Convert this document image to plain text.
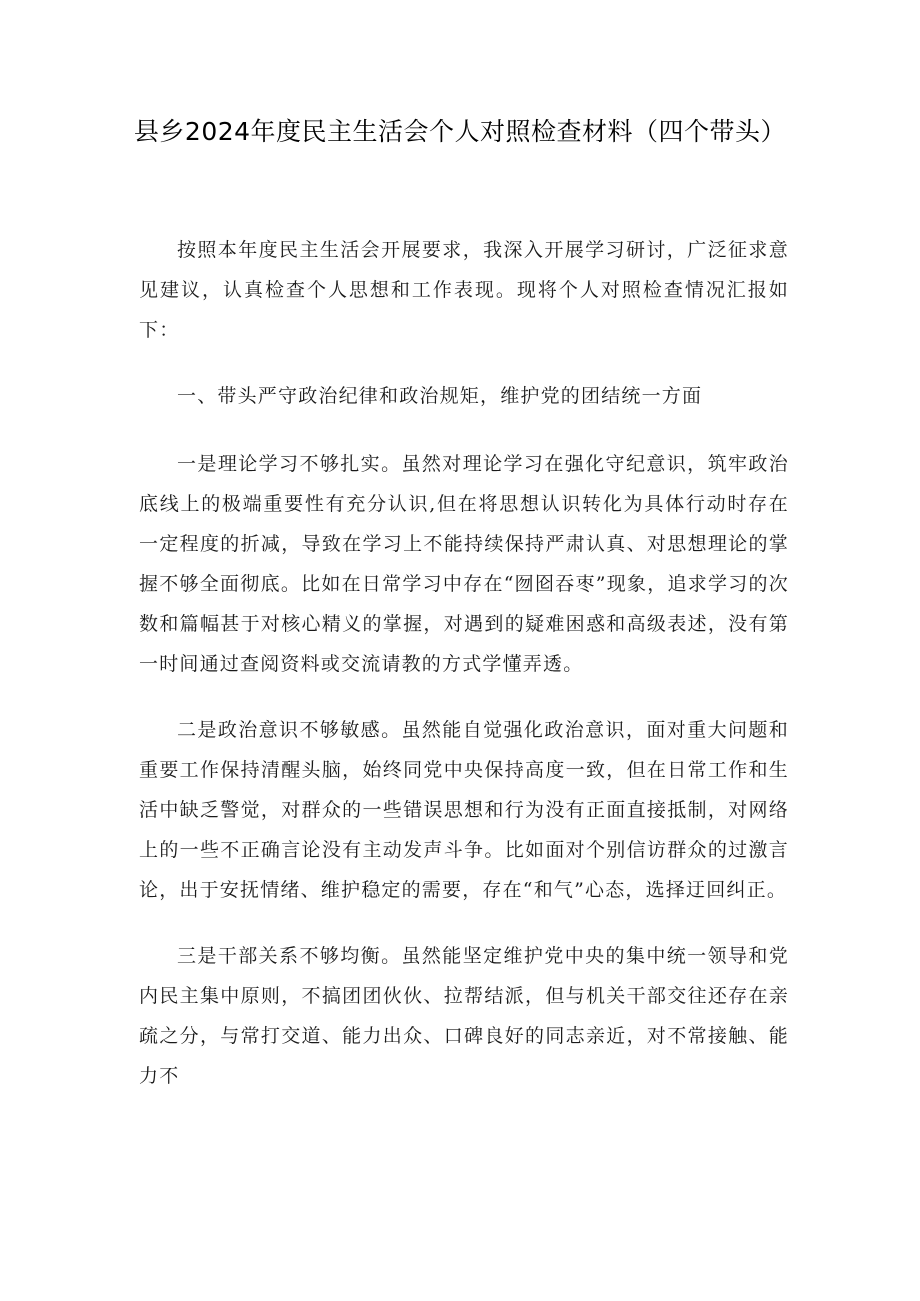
县乡2024年度民主生活会个人对照检查材料（四个带头）

按照本年度民主生活会开展要求，我深入开展学习研讨，广泛征求意见建议，认真检查个人思想和工作表现。现将个人对照检查情况汇报如下：

一、带头严守政治纪律和政治规矩，维护党的团结统一方面

一是理论学习不够扎实。虽然对理论学习在强化守纪意识，筑牢政治底线上的极端重要性有充分认识,但在将思想认识转化为具体行动时存在一定程度的折减，导致在学习上不能持续保持严肃认真、对思想理论的掌握不够全面彻底。比如在日常学习中存在“囫囵吞枣”现象，追求学习的次数和篇幅甚于对核心精义的掌握，对遇到的疑难困惑和高级表述，没有第一时间通过查阅资料或交流请教的方式学懂弄透。

二是政治意识不够敏感。虽然能自觉强化政治意识，面对重大问题和重要工作保持清醒头脑，始终同党中央保持高度一致，但在日常工作和生活中缺乏警觉，对群众的一些错误思想和行为没有正面直接抵制，对网络上的一些不正确言论没有主动发声斗争。比如面对个别信访群众的过激言论，出于安抚情绪、维护稳定的需要，存在“和气”心态，选择迂回纠正。

三是干部关系不够均衡。虽然能坚定维护党中央的集中统一领导和党内民主集中原则，不搞团团伙伙、拉帮结派，但与机关干部交往还存在亲疏之分，与常打交道、能力出众、口碑良好的同志亲近，对不常接触、能力不
